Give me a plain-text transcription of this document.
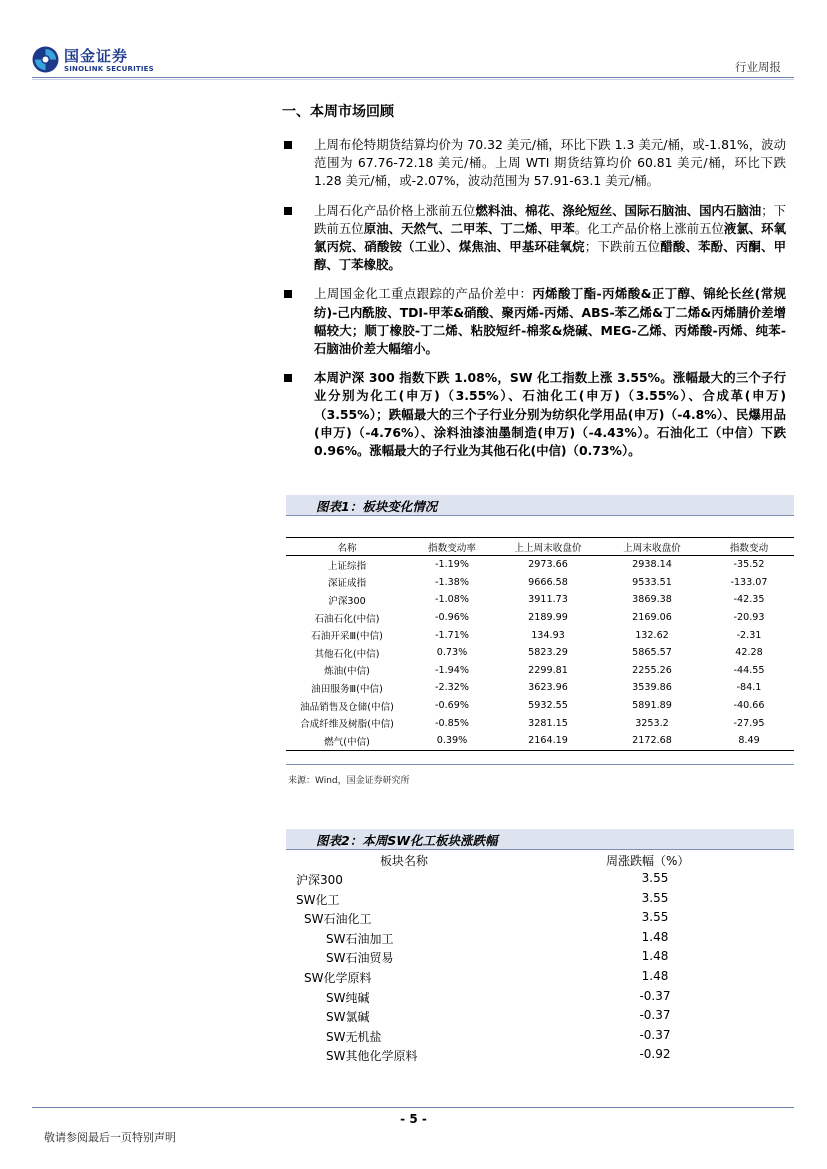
国金证券
SINOLINK SECURITIES	行业周报
一、本周市场回顾
上周布伦特期货结算均价为 70.32 美元/桶，环比下跌 1.3 美元/桶，或-1.81%，波动范围为 67.76-72.18 美元/桶。上周 WTI 期货结算均价 60.81 美元/桶，环比下跌 1.28 美元/桶，或-2.07%，波动范围为 57.91-63.1 美元/桶。
上周石化产品价格上涨前五位燃料油、棉花、涤纶短丝、国际石脑油、国内石脑油；下跌前五位原油、天然气、二甲苯、丁二烯、甲苯。化工产品价格上涨前五位液氯、环氧氯丙烷、硝酸铵（工业）、煤焦油、甲基环硅氧烷；下跌前五位醋酸、苯酚、丙酮、甲醇、丁苯橡胶。
上周国金化工重点跟踪的产品价差中：丙烯酸丁酯-丙烯酸&正丁醇、锦纶长丝(常规纺)-己内酰胺、TDI-甲苯&硝酸、聚丙烯-丙烯、ABS-苯乙烯&丁二烯&丙烯腈价差增幅较大；顺丁橡胶-丁二烯、粘胶短纤-棉浆&烧碱、MEG-乙烯、丙烯酸-丙烯、纯苯-石脑油价差大幅缩小。
本周沪深 300 指数下跌 1.08%，SW 化工指数上涨 3.55%。涨幅最大的三个子行业分别为化工(申万)（3.55%）、石油化工(申万)（3.55%）、合成革(申万)（3.55%）；跌幅最大的三个子行业分别为纺织化学用品(申万)（-4.8%）、民爆用品(申万)（-4.76%）、涂料油漆油墨制造(申万)（-4.43%）。石油化工（中信）下跌 0.96%。涨幅最大的子行业为其他石化(中信)（0.73%）。
图表1：板块变化情况
名称	指数变动率	上上周末收盘价	上周末收盘价	指数变动
上证综指	-1.19%	2973.66	2938.14	-35.52
深证成指	-1.38%	9666.58	9533.51	-133.07
沪深300	-1.08%	3911.73	3869.38	-42.35
石油石化(中信)	-0.96%	2189.99	2169.06	-20.93
石油开采Ⅲ(中信)	-1.71%	134.93	132.62	-2.31
其他石化(中信)	0.73%	5823.29	5865.57	42.28
炼油(中信)	-1.94%	2299.81	2255.26	-44.55
油田服务Ⅲ(中信)	-2.32%	3623.96	3539.86	-84.1
油品销售及仓储(中信)	-0.69%	5932.55	5891.89	-40.66
合成纤维及树脂(中信)	-0.85%	3281.15	3253.2	-27.95
燃气(中信)	0.39%	2164.19	2172.68	8.49
来源：Wind，国金证券研究所
图表2：本周SW化工板块涨跌幅
板块名称	周涨跌幅（%）
沪深300	3.55
SW化工	3.55
SW石油化工	3.55
SW石油加工	1.48
SW石油贸易	1.48
SW化学原料	1.48
SW纯碱	-0.37
SW氯碱	-0.37
SW无机盐	-0.37
SW其他化学原料	-0.92
- 5 -
敬请参阅最后一页特别声明
